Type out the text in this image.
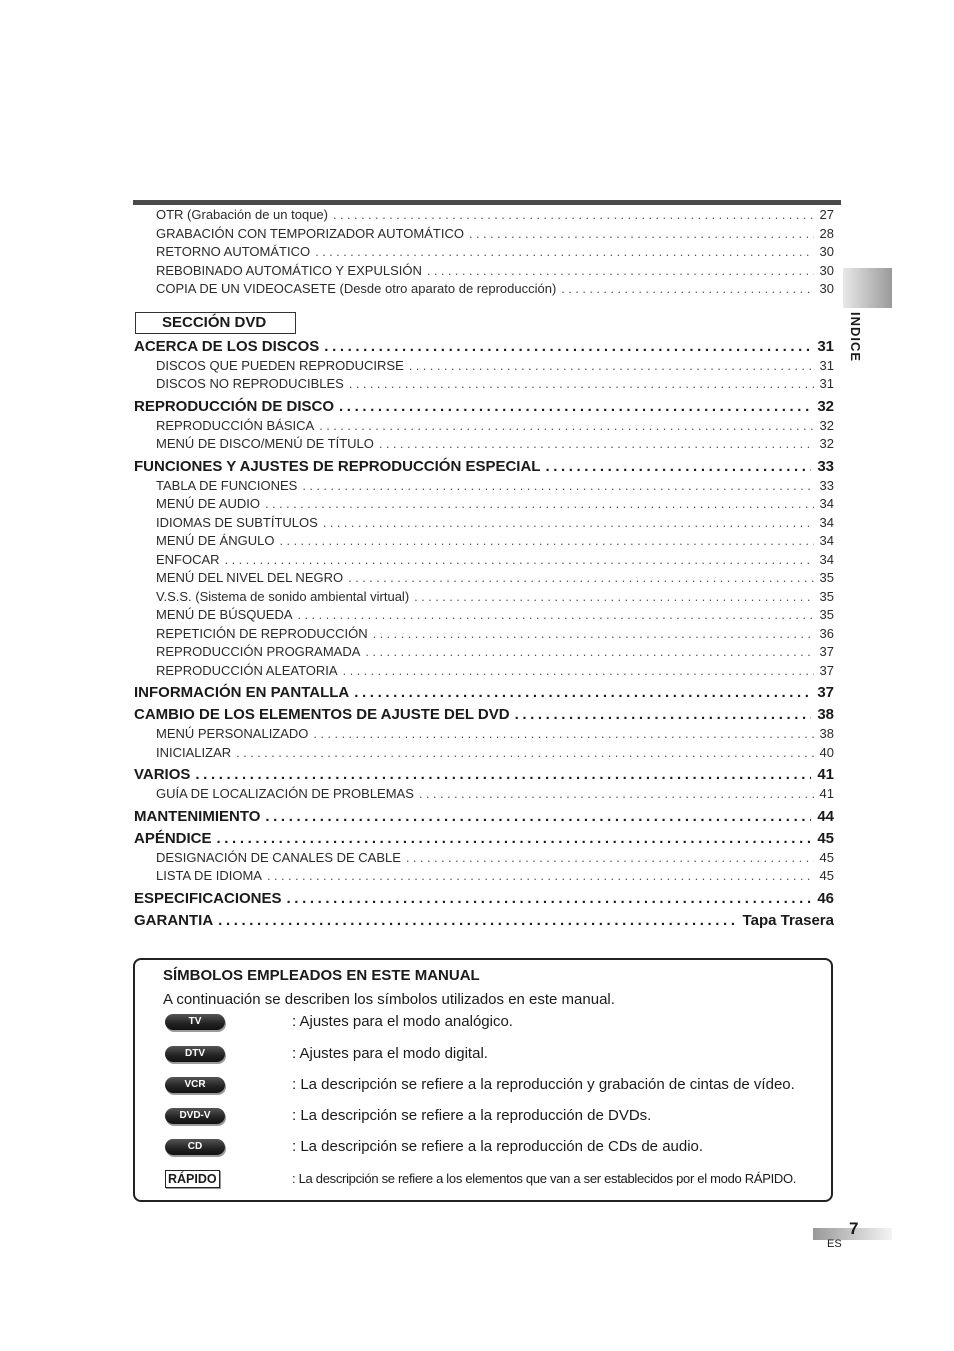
OTR (Grabación de un toque) .....	27
GRABACIÓN CON TEMPORIZADOR AUTOMÁTICO .....	28
RETORNO AUTOMÁTICO .....	30
REBOBINADO AUTOMÁTICO Y EXPULSIÓN .....	30
COPIA DE UN VIDEOCASETE (Desde otro aparato de reproducción) .....	30
SECCIÓN DVD
ACERCA DE LOS DISCOS .....	31
DISCOS QUE PUEDEN REPRODUCIRSE .....	31
DISCOS NO REPRODUCIBLES .....	31
REPRODUCCIÓN DE DISCO .....	32
REPRODUCCIÓN BÁSICA .....	32
MENÚ DE DISCO/MENÚ DE TÍTULO .....	32
FUNCIONES Y AJUSTES DE REPRODUCCIÓN ESPECIAL .....	33
TABLA DE FUNCIONES .....	33
MENÚ DE AUDIO .....	34
IDIOMAS DE SUBTÍTULOS .....	34
MENÚ DE ÁNGULO .....	34
ENFOCAR .....	34
MENÚ DEL NIVEL DEL NEGRO .....	35
V.S.S. (Sistema de sonido ambiental virtual) .....	35
MENÚ DE BÚSQUEDA .....	35
REPETICIÓN DE REPRODUCCIÓN .....	36
REPRODUCCIÓN PROGRAMADA .....	37
REPRODUCCIÓN ALEATORIA .....	37
INFORMACIÓN EN PANTALLA .....	37
CAMBIO DE LOS ELEMENTOS DE AJUSTE DEL DVD .....	38
MENÚ PERSONALIZADO .....	38
INICIALIZAR .....	40
VARIOS .....	41
GUÍA DE LOCALIZACIÓN DE PROBLEMAS .....	41
MANTENIMIENTO .....	44
APÉNDICE .....	45
DESIGNACIÓN DE CANALES DE CABLE .....	45
LISTA DE IDIOMA .....	45
ESPECIFICACIONES .....	46
GARANTIA .....	Tapa Trasera
INDICE
SÍMBOLOS EMPLEADOS EN ESTE MANUAL
A continuación se describen los símbolos utilizados en este manual.
TV	: Ajustes para el modo analógico.
DTV	: Ajustes para el modo digital.
VCR	: La descripción se refiere a la reproducción y grabación de cintas de vídeo.
DVD-V	: La descripción se refiere a la reproducción de DVDs.
CD	: La descripción se refiere a la reproducción de CDs de audio.
RÁPIDO	: La descripción se refiere a los elementos que van a ser establecidos por el modo RÁPIDO.
7
ES
